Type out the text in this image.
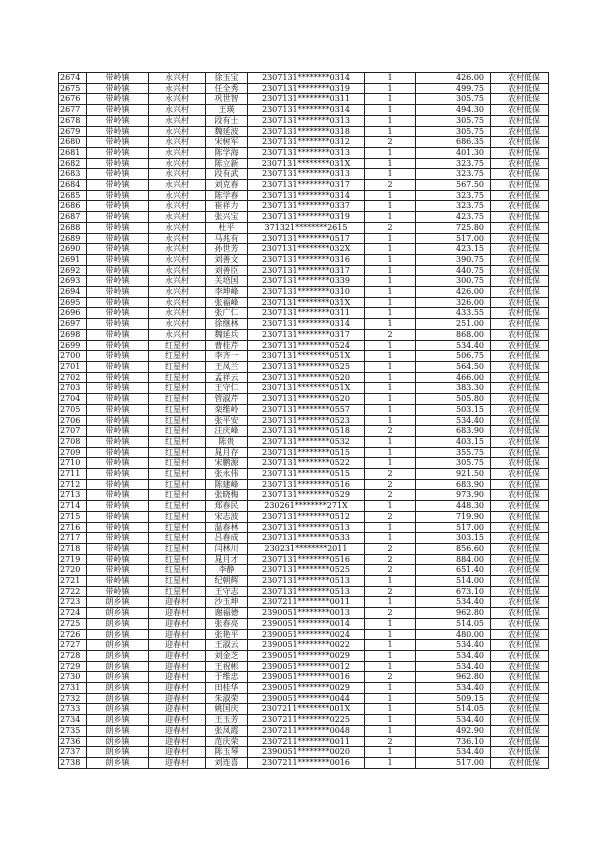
2674	带岭镇	永兴村	徐玉宝	2307131********0314	1	426.00	农村低保
2675	带岭镇	永兴村	任全秀	2307131********0319	1	499.75	农村低保
2676	带岭镇	永兴村	巩世智	2307131********0311	1	305.75	农村低保
2677	带岭镇	永兴村	王瑛	2307131********0314	1	494.30	农村低保
2678	带岭镇	永兴村	段有士	2307131********0313	1	305.75	农村低保
2679	带岭镇	永兴村	魏延波	2307131********0318	1	305.75	农村低保
2680	带岭镇	永兴村	宋树军	2307131********0312	2	686.35	农村低保
2681	带岭镇	永兴村	陈学海	2307131********0313	1	401.30	农村低保
2682	带岭镇	永兴村	陈立新	2307131********031X	1	323.75	农村低保
2683	带岭镇	永兴村	段有武	2307131********0313	1	323.75	农村低保
2684	带岭镇	永兴村	刘克春	2307131********0317	2	567.50	农村低保
2685	带岭镇	永兴村	陈学春	2307131********0314	1	323.75	农村低保
2686	带岭镇	永兴村	崔祥力	2307131********0337	1	323.75	农村低保
2687	带岭镇	永兴村	张兴宝	2307131********0319	1	423.75	农村低保
2688	带岭镇	永兴村	杜平	371321********2615	2	725.80	农村低保
2689	带岭镇	永兴村	马兆有	2307131********0517	1	517.00	农村低保
2690	带岭镇	永兴村	孙世芳	2307131********032X	1	423.15	农村低保
2691	带岭镇	永兴村	刘善文	2307131********0316	1	390.75	农村低保
2692	带岭镇	永兴村	刘善臣	2307131********0317	1	440.75	农村低保
2693	带岭镇	永兴村	关培国	2307131********0339	1	300.75	农村低保
2694	带岭镇	永兴村	李坤峰	2307131********0310	1	426.00	农村低保
2695	带岭镇	永兴村	张福峰	2307131********031X	1	326.00	农村低保
2696	带岭镇	永兴村	张广仁	2307131********0311	1	433.55	农村低保
2697	带岭镇	永兴村	徐继林	2307131********0314	1	251.00	农村低保
2698	带岭镇	永兴村	魏延兵	2307131********0317	2	868.00	农村低保
2699	带岭镇	红星村	曹桂芹	2307131********0524	1	534.40	农村低保
2700	带岭镇	红星村	李齐一	2307131********051X	1	506.75	农村低保
2701	带岭镇	红星村	王凤兰	2307131********0525	1	564.50	农村低保
2702	带岭镇	红星村	孟祥云	2307131********0520	1	466.00	农村低保
2703	带岭镇	红星村	王守仁	2307131********051X	1	383.30	农村低保
2704	带岭镇	红星村	管淑芹	2307131********0520	1	505.80	农村低保
2705	带岭镇	红星村	栾维岭	2307131********0557	1	503.15	农村低保
2706	带岭镇	红星村	张平安	2307131********0523	1	534.40	农村低保
2707	带岭镇	红星村	汪庆峰	2307131********0518	2	683.90	农村低保
2708	带岭镇	红星村	陈贵	2307131********0532	1	403.15	农村低保
2709	带岭镇	红星村	晁月存	2307131********0515	1	355.75	农村低保
2710	带岭镇	红星村	宋鹏源	2307131********0522	1	305.75	农村低保
2711	带岭镇	红星村	张永伟	2307131********0515	2	921.50	农村低保
2712	带岭镇	红星村	陈建峰	2307131********0516	2	683.90	农村低保
2713	带岭镇	红星村	张晓梅	2307131********0529	2	973.90	农村低保
2714	带岭镇	红星村	郑春民	230261********271X	1	448.30	农村低保
2715	带岭镇	红星村	宋志波	2307131********0512	2	719.90	农村低保
2716	带岭镇	红星村	温春林	2307131********0513	1	517.00	农村低保
2717	带岭镇	红星村	吕春成	2307131********0533	1	303.15	农村低保
2718	带岭镇	红星村	闫林川	230231********2011	2	856.60	农村低保
2719	带岭镇	红星村	晁月才	2307131********0516	2	884.00	农村低保
2720	带岭镇	红星村	李静	2307131********0525	2	651.40	农村低保
2721	带岭镇	红星村	纪朝辉	2307131********0513	1	514.00	农村低保
2722	带岭镇	红星村	王守志	2307131********0513	2	673.10	农村低保
2723	朗乡镇	迎春村	沙玉坤	2307211********0011	1	534.40	农村低保
2724	朗乡镇	迎春村	谢福德	2390051********0013	2	962.80	农村低保
2725	朗乡镇	迎春村	张春亮	2390051********0014	1	514.05	农村低保
2726	朗乡镇	迎春村	张艳平	2390051********0024	1	480.00	农村低保
2727	朗乡镇	迎春村	王淑云	2390051********0022	1	534.40	农村低保
2728	朗乡镇	迎春村	刘金芝	2390051********0029	1	534.40	农村低保
2729	朗乡镇	迎春村	王祝彬	2390051********0012	1	534.40	农村低保
2730	朗乡镇	迎春村	于维忠	2390051********0016	2	962.80	农村低保
2731	朗乡镇	迎春村	田桂华	2390051********0029	1	534.40	农村低保
2732	朗乡镇	迎春村	朱淑荣	2390051********0044	1	509.15	农村低保
2733	朗乡镇	迎春村	姚国庆	2307211********001X	1	514.05	农村低保
2734	朗乡镇	迎春村	王玉芳	2307211********0225	1	534.40	农村低保
2735	朗乡镇	迎春村	张凤霞	2307211********0048	1	492.90	农村低保
2736	朗乡镇	迎春村	范庆荣	2307211********0011	2	736.10	农村低保
2737	朗乡镇	迎春村	陈玉琴	2390051********0020	1	534.40	农村低保
2738	朗乡镇	迎春村	刘连喜	2307211********0016	1	517.00	农村低保
